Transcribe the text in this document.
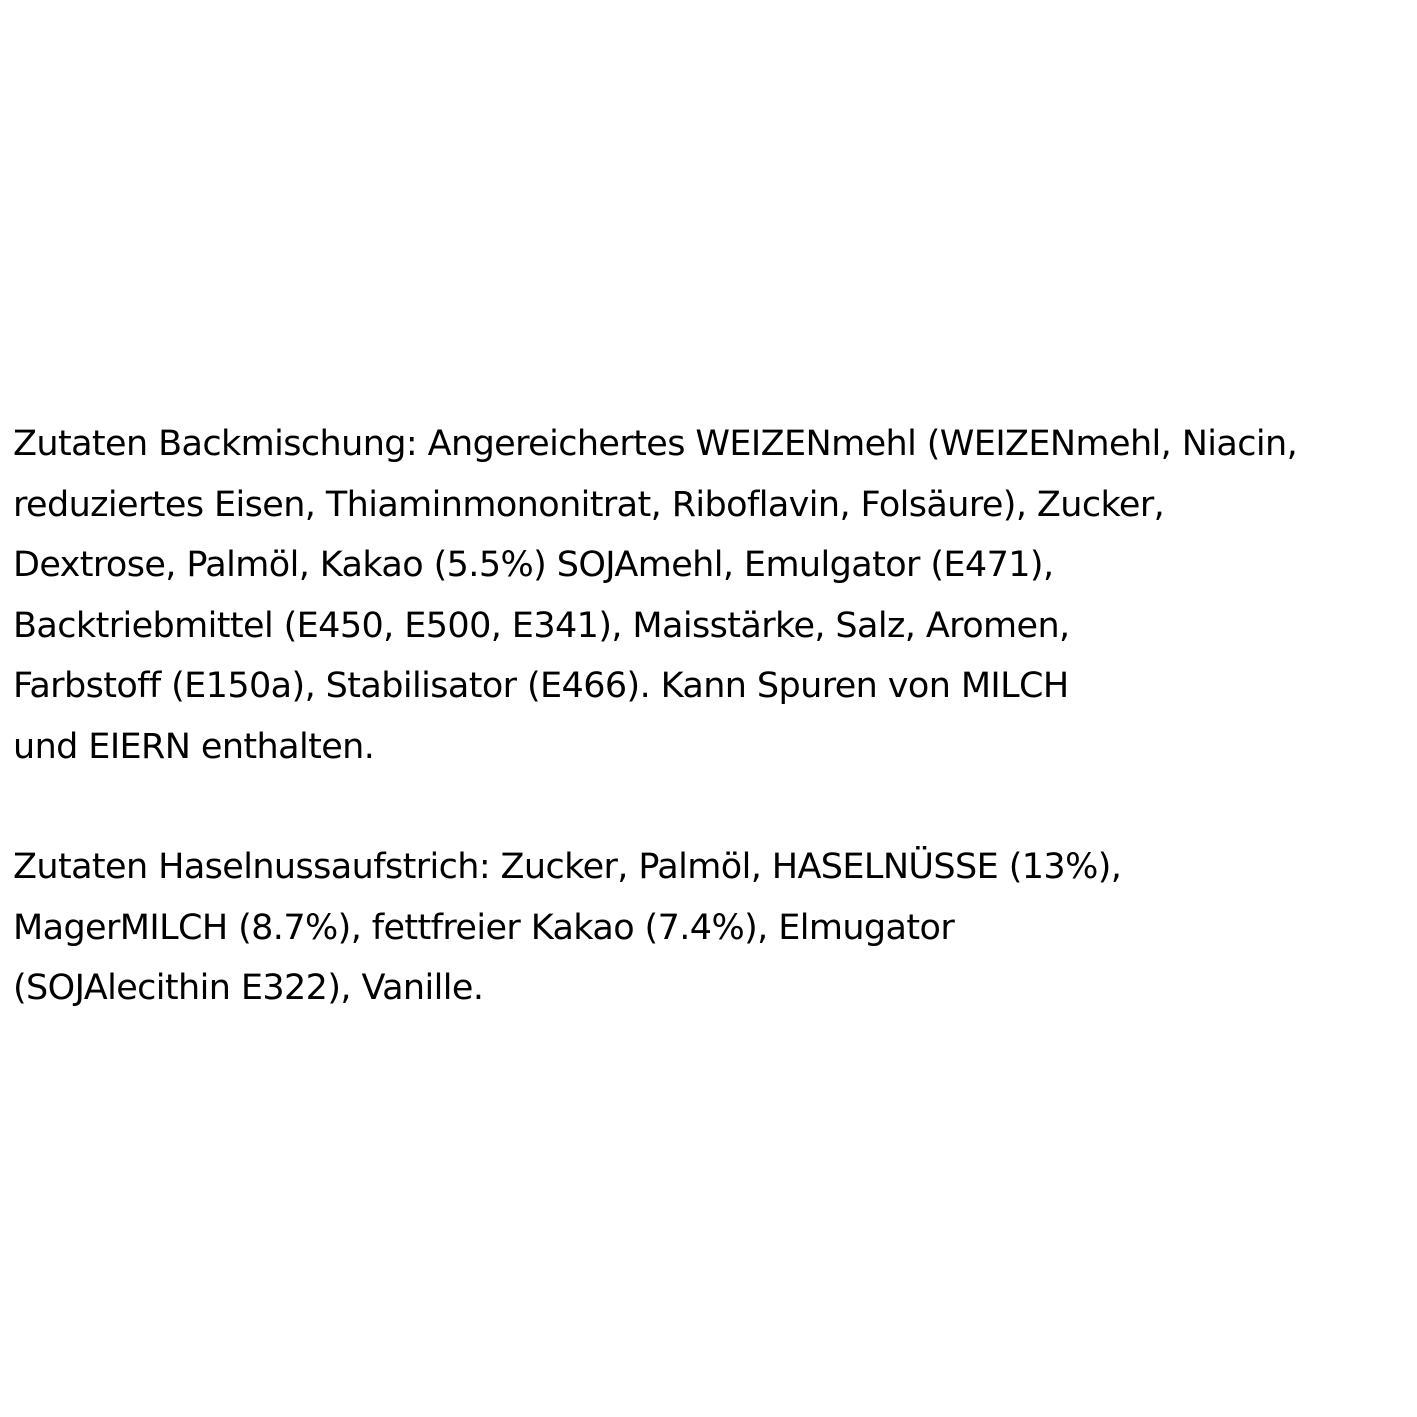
Zutaten Backmischung: Angereichertes WEIZENmehl (WEIZENmehl, Niacin,
reduziertes Eisen, Thiaminmononitrat, Riboflavin, Folsäure), Zucker,
Dextrose, Palmöl, Kakao (5.5%) SOJAmehl, Emulgator (E471),
Backtriebmittel (E450, E500, E341), Maisstärke, Salz, Aromen,
Farbstoff (E150a), Stabilisator (E466). Kann Spuren von MILCH
und EIERN enthalten.
Zutaten Haselnussaufstrich: Zucker, Palmöl, HASELNÜSSE (13%),
MagerMILCH (8.7%), fettfreier Kakao (7.4%), Elmugator
(SOJAlecithin E322), Vanille.
